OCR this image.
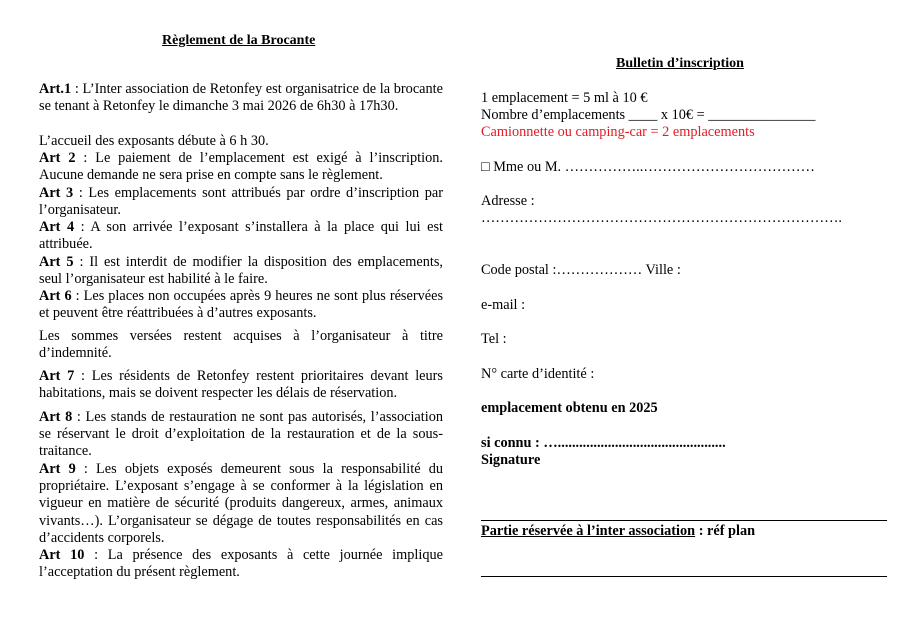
Règlement de la Brocante
Art.1 : L’Inter association de Retonfey est organisatrice de la brocante se tenant à Retonfey le dimanche 3 mai 2026 de 6h30 à 17h30.
L’accueil des exposants débute à 6 h 30.
Art 2 : Le paiement de l’emplacement est exigé à l’inscription. Aucune demande ne sera prise en compte sans le règlement.
Art 3 : Les emplacements sont attribués par ordre d’inscription par l’organisateur.
Art 4 : A son arrivée l’exposant s’installera à la place qui lui est attribuée.
Art 5 : Il est interdit de modifier la disposition des emplacements, seul l’organisateur est habilité à le faire.
Art 6 : Les places non occupées après 9 heures ne sont plus réservées et peuvent être réattribuées à d’autres exposants.
Les sommes versées restent acquises à l’organisateur à titre d’indemnité.
Art 7 : Les résidents de Retonfey restent prioritaires devant leurs habitations, mais se doivent respecter les délais de réservation.
Art 8 : Les stands de restauration ne sont pas autorisés, l’association se réservant le droit d’exploitation de la restauration et de la sous-traitance.
Art 9 : Les objets exposés demeurent sous la responsabilité du propriétaire. L’exposant s’engage à se conformer à la législation en vigueur en matière de sécurité (produits dangereux, armes, animaux vivants…). L’organisateur se dégage de toutes responsabilités en cas d’accidents corporels.
Art 10 : La présence des exposants à cette journée implique l’acceptation du présent règlement.
Bulletin d’inscription
1 emplacement = 5 ml à 10 €
Nombre d’emplacements ____ x 10€ = _______________
Camionnette ou camping-car = 2 emplacements
□ Mme ou M. ……………..………………………………
Adresse :
………………………………………………………………….
Code postal :……………… Ville :
e-mail :
Tel :
N° carte d’identité :
emplacement obtenu en 2025
si connu : …...............................................
Signature
Partie réservée à l’inter association : réf plan
